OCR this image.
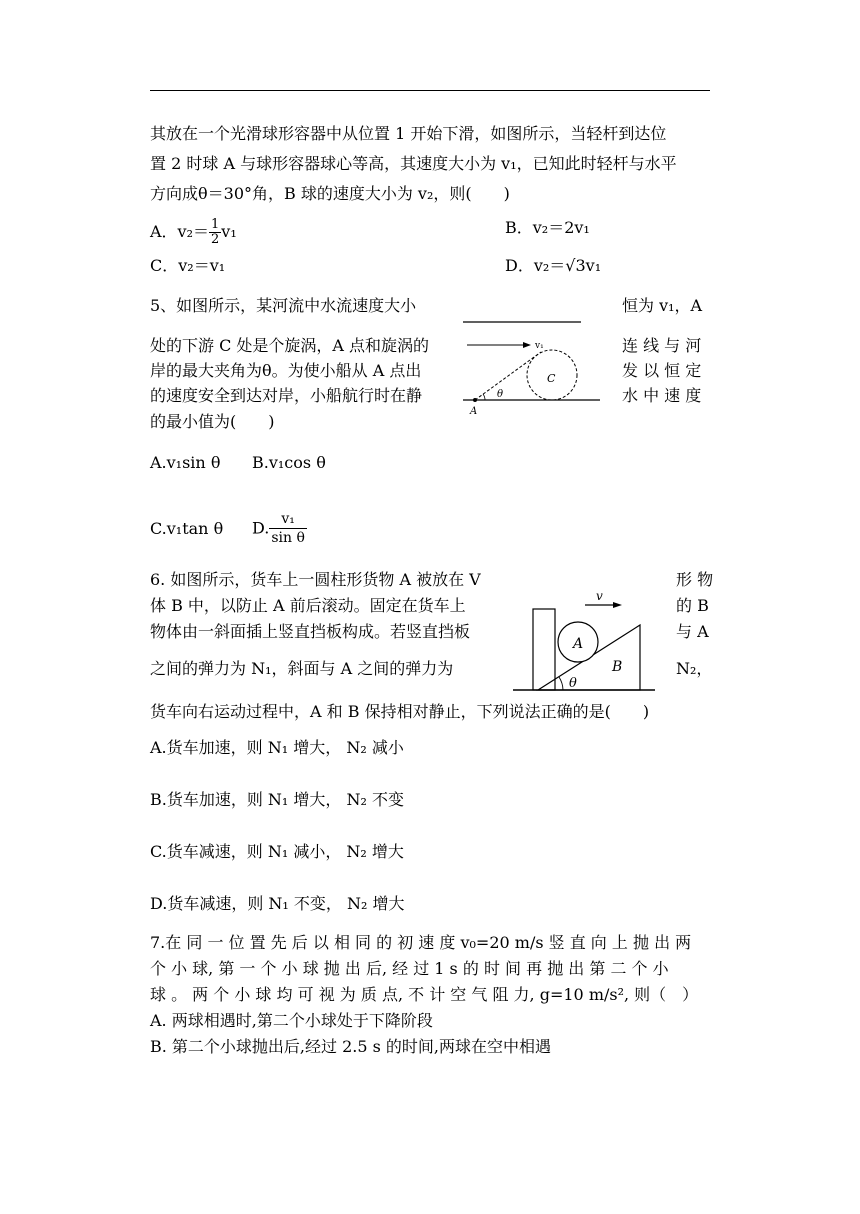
其放在一个光滑球形容器中从位置 1 开始下滑，如图所示，当轻杆到达位
置 2 时球 A 与球形容器球心等高，其速度大小为 v₁，已知此时轻杆与水平
方向成θ＝30°角，B 球的速度大小为 v₂，则(　　)
A．$v_2= \frac{1}{2} v_1$	B．v₂＝2v₁
C．v₂＝v₁	D．v₂＝√3v₁
5、如图所示，某河流中水流速度大小	恒为 v₁，A
处的下游 C 处是个旋涡，A 点和旋涡的	连 线 与 河
岸的最大夹角为θ。为使小船从 A 点出	发 以 恒 定
的速度安全到达对岸，小船航行时在静	水 中 速 度
的最小值为(　　)
v₁
C
A
θ
A.v₁sin θ B.v₁cos θ
C.v₁tan θ D. $\frac{\text{v₁}}{\text{sin θ}}$
6. 如图所示，货车上一圆柱形货物 A 被放在 V	形 物
体 B 中，以防止 A 前后滚动。固定在货车上	的 B
物体由一斜面插上竖直挡板构成。若竖直挡板	与 A
之间的弹力为 N₁，斜面与 A 之间的弹力为	N₂，
货车向右运动过程中，A 和 B 保持相对静止，下列说法正确的是(　　)
v
A
B
θ
A.货车加速，则 N₁ 增大， N₂ 减小
B.货车加速，则 N₁ 增大， N₂ 不变
C.货车减速，则 N₁ 减小， N₂ 增大
D.货车减速，则 N₁ 不变， N₂ 增大
7.在 同 一 位 置 先 后 以 相 同 的 初 速 度 v₀=20 m/s 竖 直 向 上 抛 出 两
个 小 球, 第 一 个 小 球 抛 出 后, 经 过 1 s 的 时 间 再 抛 出 第 二 个 小
球 。 两 个 小 球 均 可 视 为 质 点, 不 计 空 气 阻 力, g=10 m/s², 则（　）
A. 两球相遇时,第二个小球处于下降阶段
B. 第二个小球抛出后,经过 2.5 s 的时间,两球在空中相遇
